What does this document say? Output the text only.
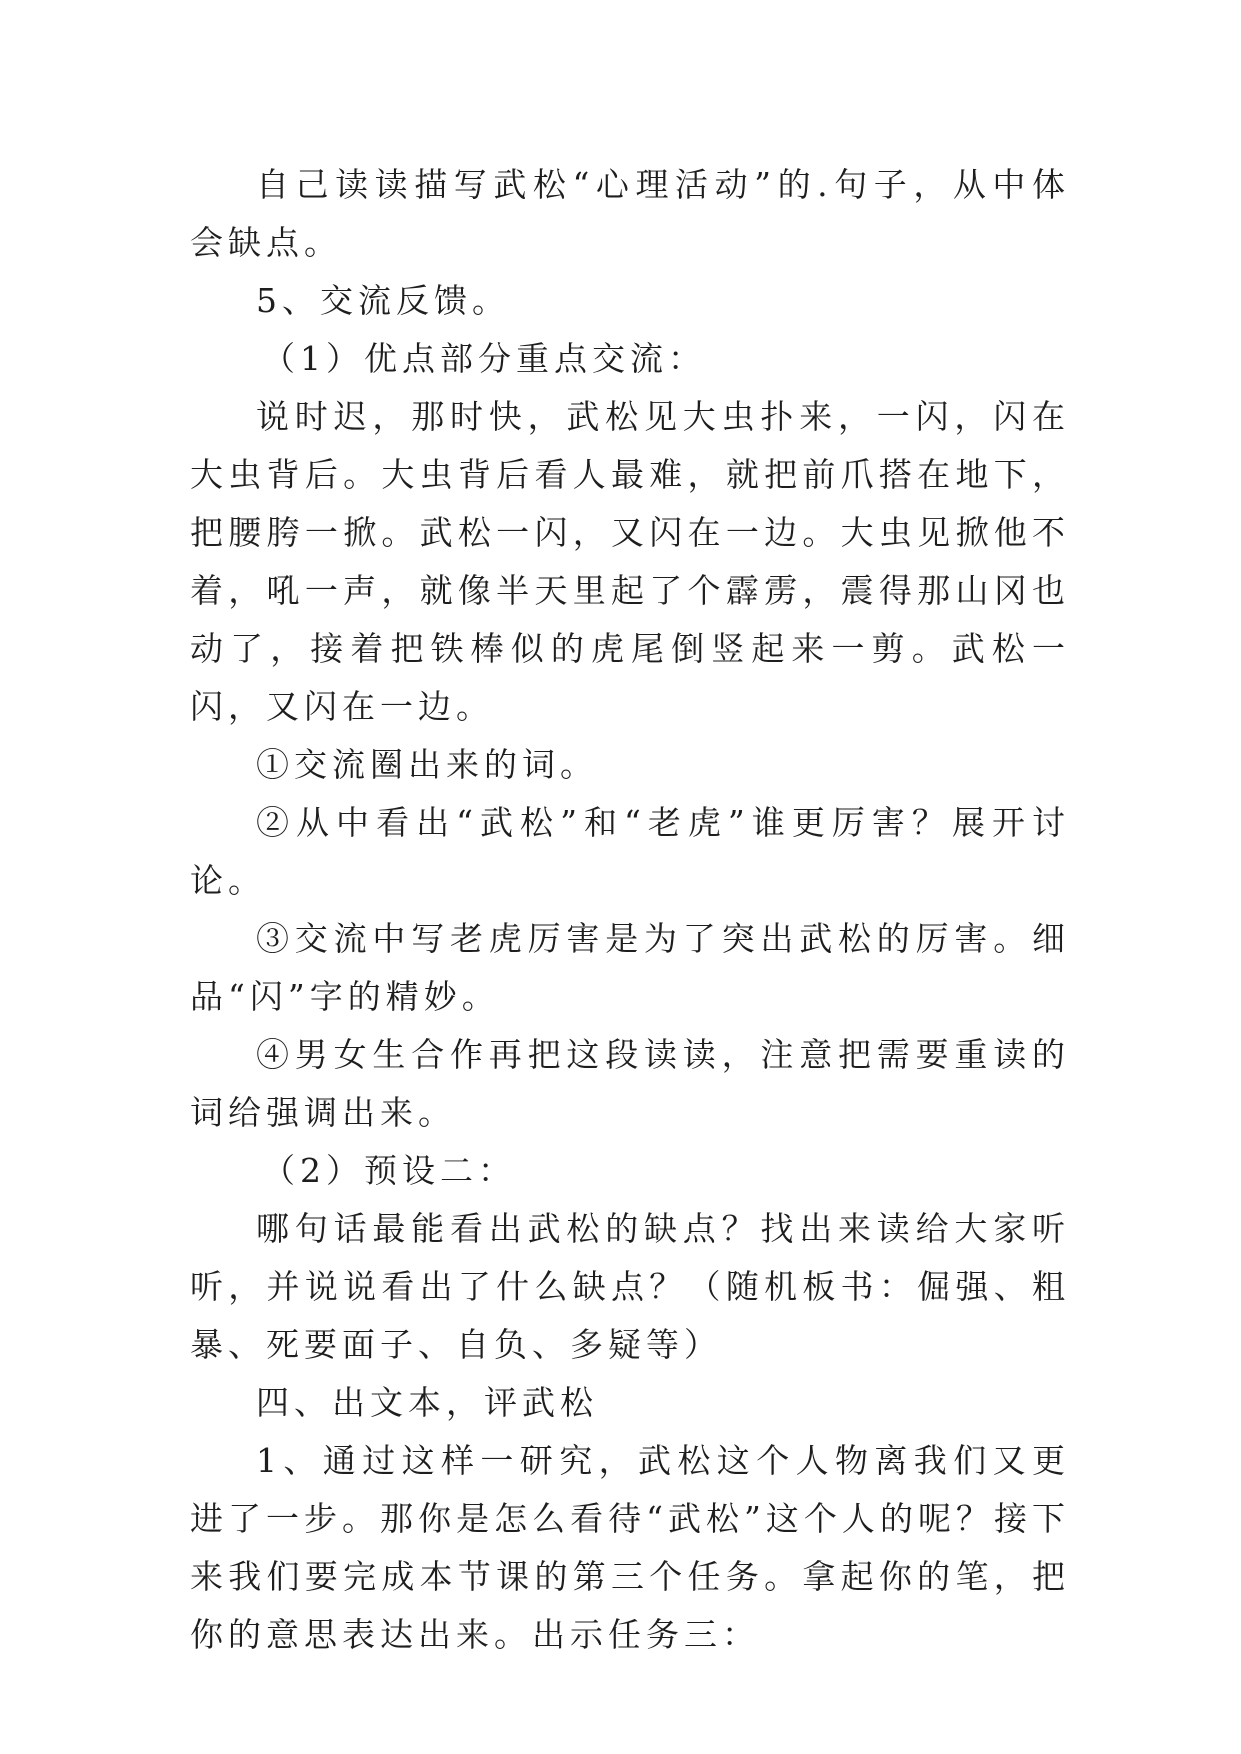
自己读读描写武松“心理活动”的.句子，从中体会缺点。

5、交流反馈。

（1）优点部分重点交流：

说时迟，那时快，武松见大虫扑来，一闪，闪在大虫背后。大虫背后看人最难，就把前爪搭在地下，把腰胯一掀。武松一闪，又闪在一边。大虫见掀他不着，吼一声，就像半天里起了个霹雳，震得那山冈也动了，接着把铁棒似的虎尾倒竖起来一剪。武松一闪，又闪在一边。

①交流圈出来的词。

②从中看出“武松”和“老虎”谁更厉害？展开讨论。

③交流中写老虎厉害是为了突出武松的厉害。细品“闪”字的精妙。

④男女生合作再把这段读读，注意把需要重读的词给强调出来。

（2）预设二：

哪句话最能看出武松的缺点？找出来读给大家听听，并说说看出了什么缺点？（随机板书：倔强、粗暴、死要面子、自负、多疑等）

四、出文本，评武松

1、通过这样一研究，武松这个人物离我们又更进了一步。那你是怎么看待“武松”这个人的呢？接下来我们要完成本节课的第三个任务。拿起你的笔，把你的意思表达出来。出示任务三：
